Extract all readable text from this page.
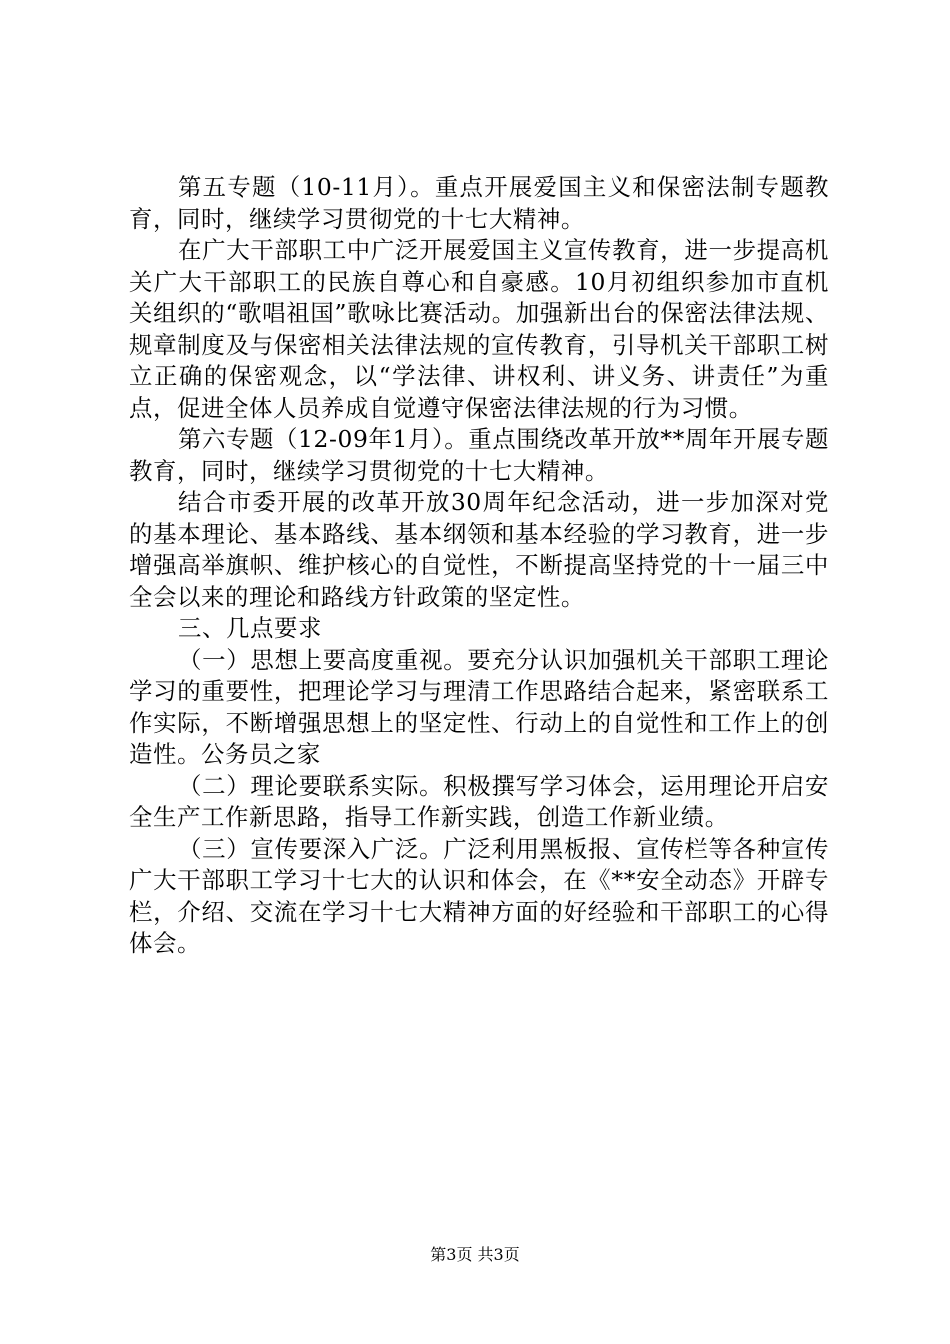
第五专题（10-11月）。重点开展爱国主义和保密法制专题教育，同时，继续学习贯彻党的十七大精神。

在广大干部职工中广泛开展爱国主义宣传教育，进一步提高机关广大干部职工的民族自尊心和自豪感。10月初组织参加市直机关组织的“歌唱祖国”歌咏比赛活动。加强新出台的保密法律法规、规章制度及与保密相关法律法规的宣传教育，引导机关干部职工树立正确的保密观念，以“学法律、讲权利、讲义务、讲责任”为重点，促进全体人员养成自觉遵守保密法律法规的行为习惯。

第六专题（12-09年1月）。重点围绕改革开放**周年开展专题教育，同时，继续学习贯彻党的十七大精神。

结合市委开展的改革开放30周年纪念活动，进一步加深对党的基本理论、基本路线、基本纲领和基本经验的学习教育，进一步增强高举旗帜、维护核心的自觉性，不断提高坚持党的十一届三中全会以来的理论和路线方针政策的坚定性。

三、几点要求

（一）思想上要高度重视。要充分认识加强机关干部职工理论学习的重要性，把理论学习与理清工作思路结合起来，紧密联系工作实际，不断增强思想上的坚定性、行动上的自觉性和工作上的创造性。公务员之家

（二）理论要联系实际。积极撰写学习体会，运用理论开启安全生产工作新思路，指导工作新实践，创造工作新业绩。

（三）宣传要深入广泛。广泛利用黑板报、宣传栏等各种宣传广大干部职工学习十七大的认识和体会，在《**安全动态》开辟专栏，介绍、交流在学习十七大精神方面的好经验和干部职工的心得体会。

第3页 共3页
